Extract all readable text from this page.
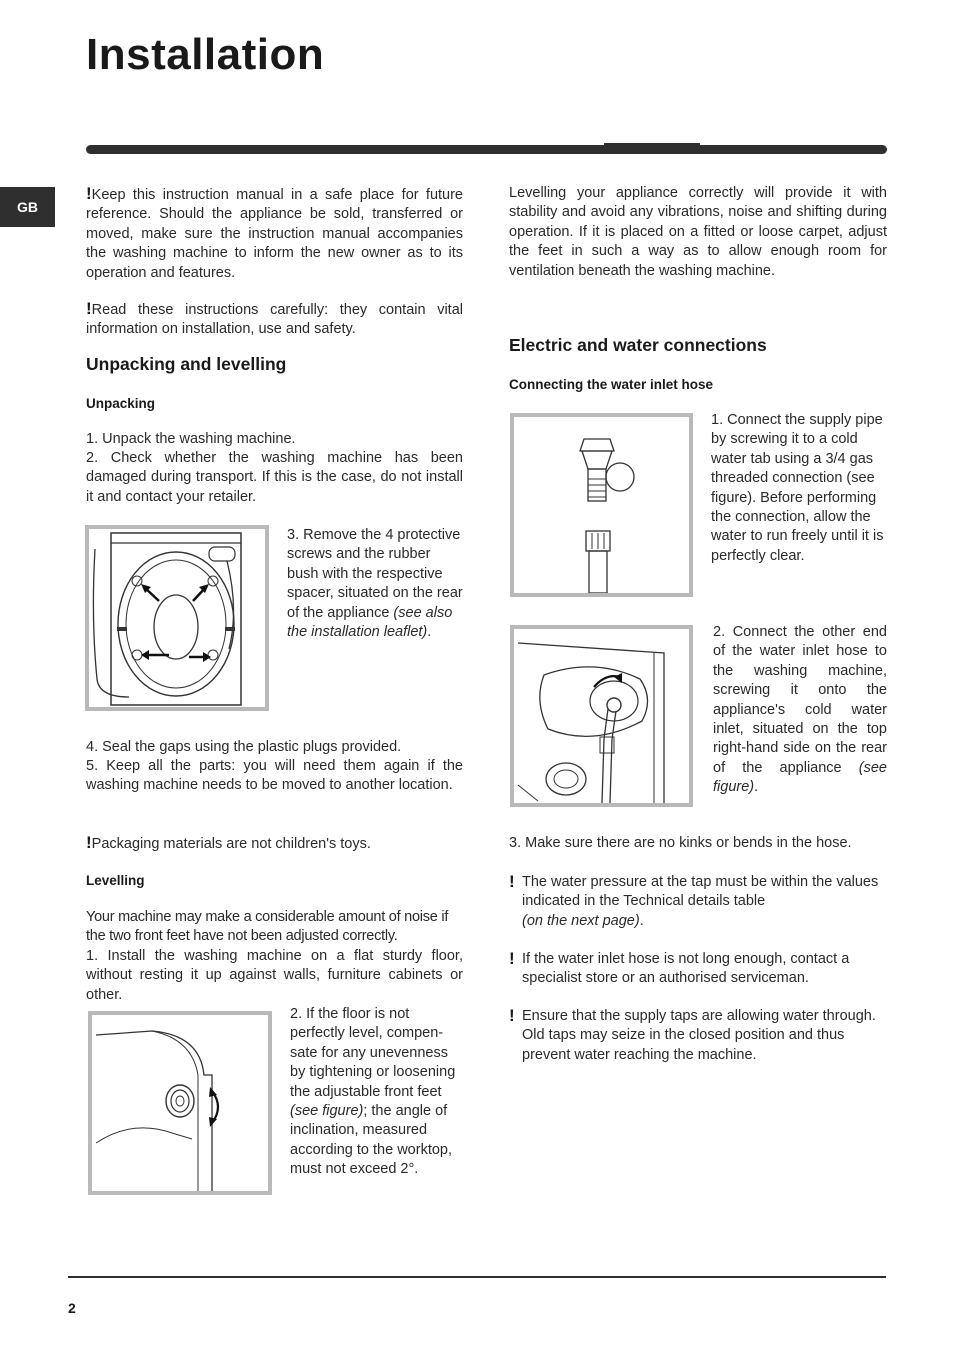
Installation
GB

!Keep this instruction manual in a safe place for future reference. Should the appliance be sold, transferred or moved, make sure the instruction manual accompanies the washing machine to inform the new owner as to its operation and features.

!Read these instructions carefully: they contain vital information on installation, use and safety.

Unpacking and levelling
Unpacking

1. Unpack the washing machine.

2. Check whether the washing machine has been damaged during transport. If this is the case, do not install it and contact your retailer.

3. Remove the 4 protective screws and the rubber bush with the respective spacer, situated on the rear of the appliance (see also the installation leaflet).

4. Seal the gaps using the plastic plugs provided.

5. Keep all the parts: you will need them again if the washing machine needs to be moved to another location.

!Packaging materials are not children's toys.

Levelling

Your machine may make a considerable amount of noise if the two front feet have not been adjusted correctly.

1. Install the washing machine on a flat sturdy floor, without resting it up against walls, furniture cabinets or other.

2. If the floor is not perfectly level, compen-sate for any unevenness by tightening or loosening the adjustable front feet (see figure); the angle of inclination, measured according to the worktop, must not exceed 2°.

Levelling your appliance correctly will provide it with stability and avoid any vibrations, noise and shifting during operation. If it is placed on a fitted or loose carpet, adjust the feet in such a way as to allow enough room for ventilation beneath the washing machine.

Electric and water connections
Connecting the water inlet hose

1. Connect the supply pipe by screwing it to a cold water tab using a 3/4 gas threaded connection (see figure). Before performing the connection, allow the water to run freely until it is perfectly clear.

2. Connect the other end of the water inlet hose to the washing machine, screwing it onto the appliance's cold water inlet, situated on the top right-hand side on the rear of the appliance (see figure).

3. Make sure there are no kinks or bends in the hose.

! The water pressure at the tap must be within the values indicated in the Technical details table
(on the next page).
! If the water inlet hose is not long enough, contact a specialist store or an authorised serviceman.
! Ensure that the supply taps are allowing water through. Old taps may seize in the closed position and thus prevent water reaching the machine.
2
